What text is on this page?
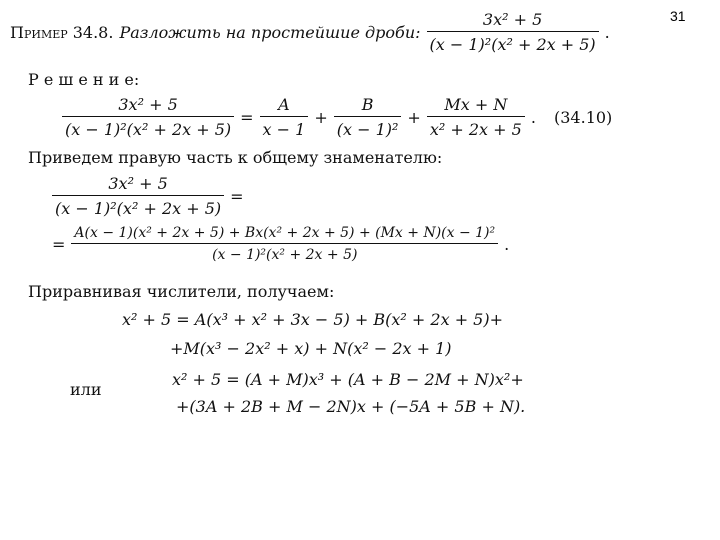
31
Пример 34.8. Разложить на простейшие дроби: $\frac{\text{3x² + 5}}{\text{(x − 1)²(x² + 2x + 5)}}$ .
Р е ш е н и е:
$\frac{\text{3x² + 5}}{\text{(x − 1)²(x² + 2x + 5)}} = \frac{A}{x - 1} + \frac{B}{\text{(x − 1)²}} + \frac{Mx + N}{\text{x² + 2x + 5}}$ . (34.10)
Приведем правую часть к общему знаменателю:
$\frac{\text{3x² + 5}}{\text{(x − 1)²(x² + 2x + 5)}}$ =
= $\frac{\text{A(x − 1)(x² + 2x + 5) + Bx(x² + 2x + 5) + (Mx + N)(x − 1)²}}{\text{(x − 1)²(x² + 2x + 5)}}$ .
Приравнивая числители, получаем:
x² + 5 = A(x³ + x² + 3x − 5) + B(x² + 2x + 5)+
+M(x³ − 2x² + x) + N(x² − 2x + 1)
или
x² + 5 = (A + M)x³ + (A + B − 2M + N)x²+
+(3A + 2B + M − 2N)x + (−5A + 5B + N).
